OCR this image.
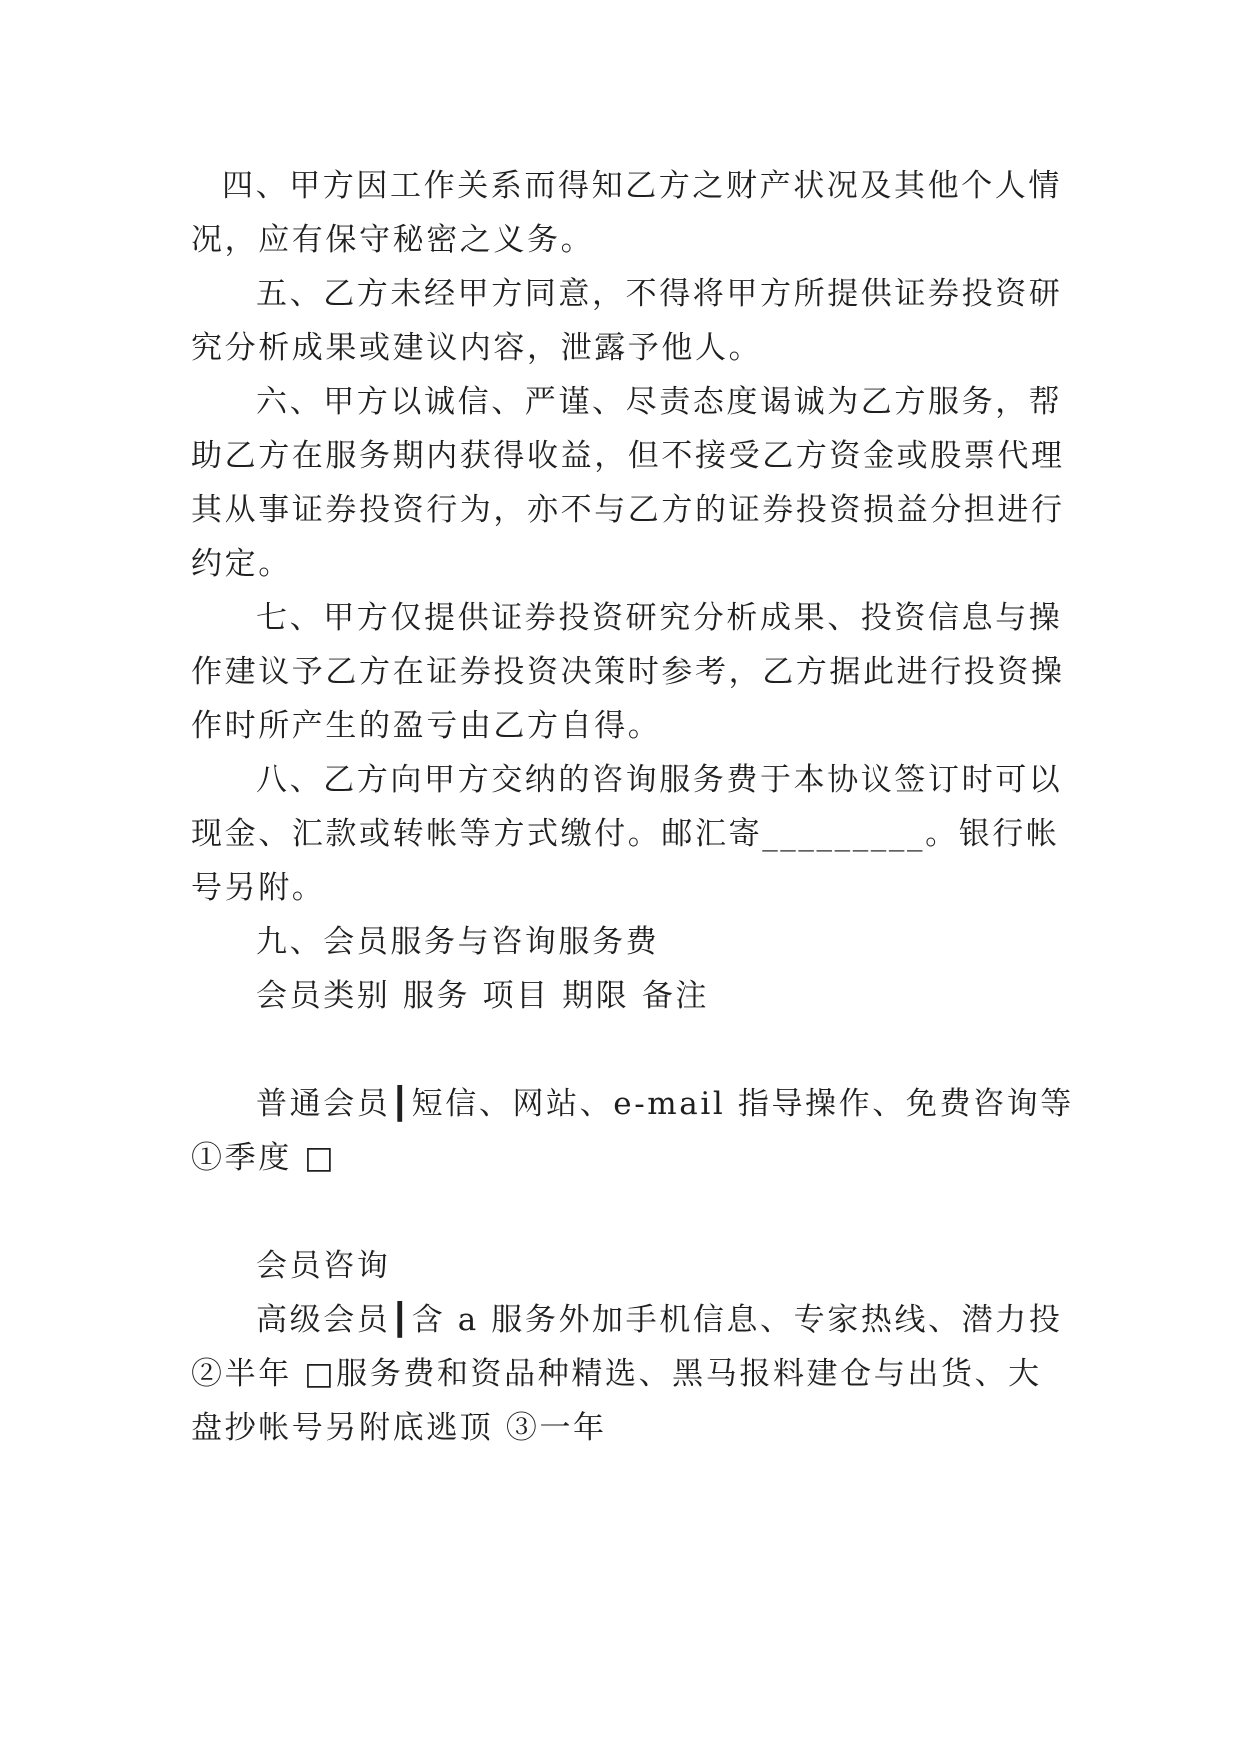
四、甲方因工作关系而得知乙方之财产状况及其他个人情
况，应有保守秘密之义务。
五、乙方未经甲方同意，不得将甲方所提供证券投资研
究分析成果或建议内容，泄露予他人。
六、甲方以诚信、严谨、尽责态度谒诚为乙方服务，帮
助乙方在服务期内获得收益，但不接受乙方资金或股票代理
其从事证券投资行为，亦不与乙方的证券投资损益分担进行
约定。
七、甲方仅提供证券投资研究分析成果、投资信息与操
作建议予乙方在证券投资决策时参考，乙方据此进行投资操
作时所产生的盈亏由乙方自得。
八、乙方向甲方交纳的咨询服务费于本协议签订时可以
现金、汇款或转帐等方式缴付。邮汇寄_________。银行帐
号另附。
九、会员服务与咨询服务费
会员类别 服务 项目 期限 备注
普通会员┃短信、网站、e-mail 指导操作、免费咨询等
①季度 □
会员咨询
高级会员┃含 a 服务外加手机信息、专家热线、潜力投
②半年 □服务费和资品种精选、黑马报料建仓与出货、大
盘抄帐号另附底逃顶 ③一年
